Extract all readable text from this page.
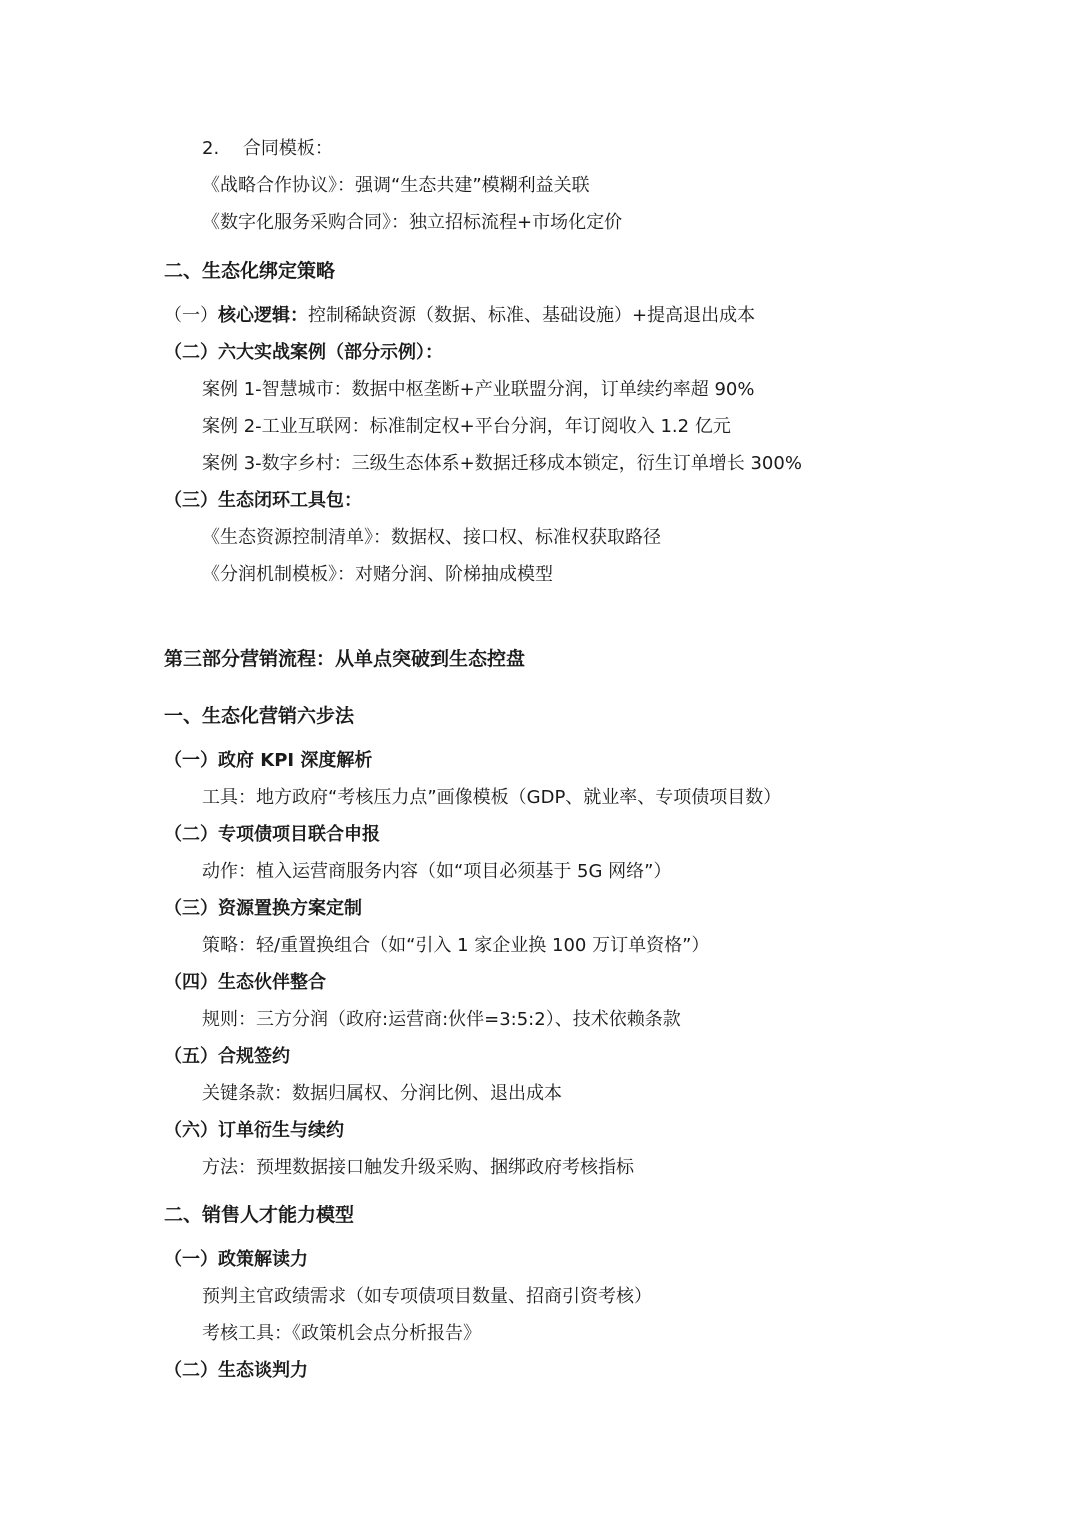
2.　 合同模板：
《战略合作协议》：强调“生态共建”模糊利益关联
《数字化服务采购合同》：独立招标流程+市场化定价
二、生态化绑定策略
（一）核心逻辑：控制稀缺资源（数据、标准、基础设施）+提高退出成本
（二）六大实战案例（部分示例）：
案例 1-智慧城市：数据中枢垄断+产业联盟分润，订单续约率超 90%
案例 2-工业互联网：标准制定权+平台分润，年订阅收入 1.2 亿元
案例 3-数字乡村：三级生态体系+数据迁移成本锁定，衍生订单增长 300%
（三）生态闭环工具包：
《生态资源控制清单》：数据权、接口权、标准权获取路径
《分润机制模板》：对赌分润、阶梯抽成模型
第三部分营销流程：从单点突破到生态控盘
一、生态化营销六步法
（一）政府 KPI 深度解析
工具：地方政府“考核压力点”画像模板（GDP、就业率、专项债项目数）
（二）专项债项目联合申报
动作：植入运营商服务内容（如“项目必须基于 5G 网络”）
（三）资源置换方案定制
策略：轻/重置换组合（如“引入 1 家企业换 100 万订单资格”）
（四）生态伙伴整合
规则：三方分润（政府:运营商:伙伴=3:5:2）、技术依赖条款
（五）合规签约
关键条款：数据归属权、分润比例、退出成本
（六）订单衍生与续约
方法：预埋数据接口触发升级采购、捆绑政府考核指标
二、销售人才能力模型
（一）政策解读力
预判主官政绩需求（如专项债项目数量、招商引资考核）
考核工具：《政策机会点分析报告》
（二）生态谈判力
